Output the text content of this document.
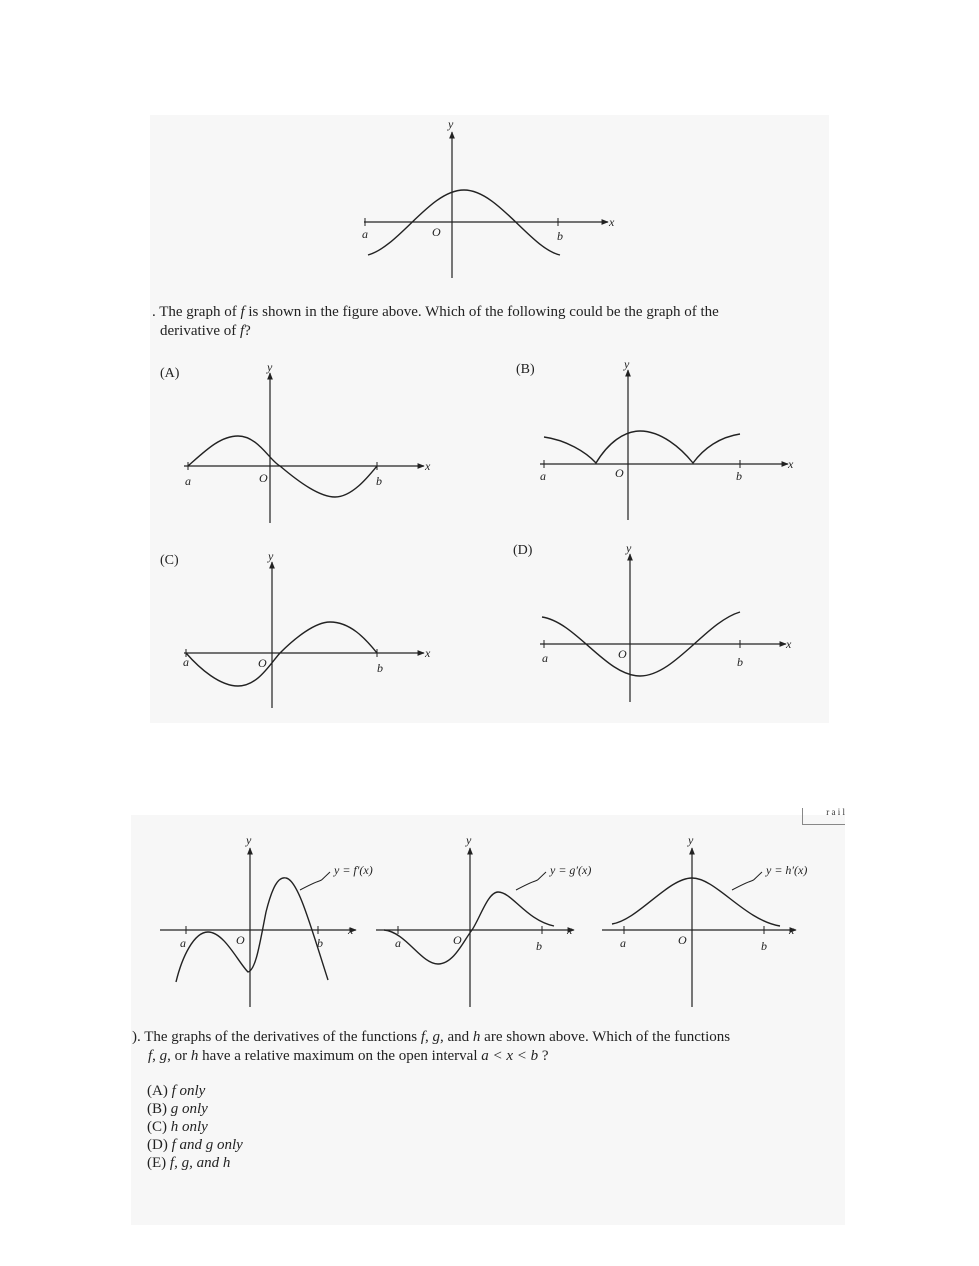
y
x
a	O	b
. The graph of f is shown in the figure above. Which of the following could be the graph of the
derivative of f?
(A)	y
x
a	O	b
(B)	y
x
a	O	b
(C)	y
x
a	O	b
(D)	y
x
a	O
b
r a i l
y
x
a	O	b
y = f′(x)
y
x
a	O	b
y = g′(x)
y
x
a	O	b
y = h′(x)
). The graphs of the derivatives of the functions f, g, and h are shown above. Which of the functions
f, g, or h have a relative maximum on the open interval a < x < b ?
(A) f only
(B) g only
(C) h only
(D) f and g only
(E) f, g, and h
